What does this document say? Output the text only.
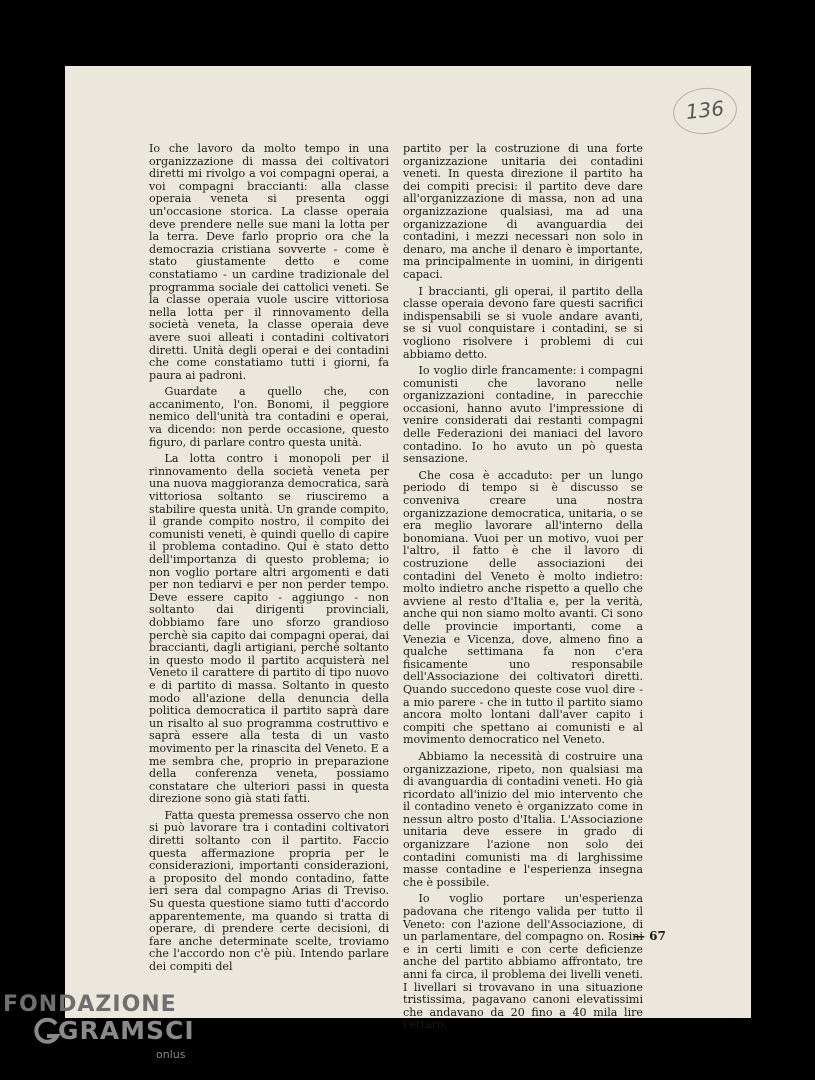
136

Io che lavoro da molto tempo in una organizzazione di massa dei coltivatori diretti mi rivolgo a voi compagni operai, a voi compagni braccianti: alla classe operaia veneta si presenta oggi un'occasione storica. La classe operaia deve prendere nelle sue mani la lotta per la terra. Deve farlo proprio ora che la democrazia cristiana sovverte - come è stato giustamente detto e come constatiamo - un cardine tradizionale del programma sociale dei cattolici veneti. Se la classe operaia vuole uscire vittoriosa nella lotta per il rinnovamento della società veneta, la classe operaia deve avere suoi alleati i contadini coltivatori diretti. Unità degli operai e dei contadini che come constatiamo tutti i giorni, fa paura ai padroni.

Guardate a quello che, con accanimento, l'on. Bonomi, il peggiore nemico dell'unità tra contadini e operai, va dicendo: non perde occasione, questo figuro, di parlare contro questa unità.

La lotta contro i monopoli per il rinnovamento della società veneta per una nuova maggioranza democratica, sarà vittoriosa soltanto se riusciremo a stabilire questa unità. Un grande compito, il grande compito nostro, il compito dei comunisti veneti, è quindi quello di capire il problema contadino. Qui è stato detto dell'importanza di questo problema; io non voglio portare altri argomenti e dati per non tediarvi e per non perder tempo. Deve essere capito - aggiungo - non soltanto dai dirigenti provinciali, dobbiamo fare uno sforzo grandioso perchè sia capito dai compagni operai, dai braccianti, dagli artigiani, perchè soltanto in questo modo il partito acquisterà nel Veneto il carattere di partito di tipo nuovo e di partito di massa. Soltanto in questo modo all'azione della denuncia della politica democratica il partito saprà dare un risalto al suo programma costruttivo e saprà essere alla testa di un vasto movimento per la rinascita del Veneto. E a me sembra che, proprio in preparazione della conferenza veneta, possiamo constatare che ulteriori passi in questa direzione sono già stati fatti.

Fatta questa premessa osservo che non si può lavorare tra i contadini coltivatori diretti soltanto con il partito. Faccio questa affermazione propria per le considerazioni, importanti considerazioni, a proposito del mondo contadino, fatte ieri sera dal compagno Arias di Treviso. Su questa questione siamo tutti d'accordo apparentemente, ma quando si tratta di operare, di prendere certe decisioni, di fare anche determinate scelte, troviamo che l'accordo non c'è più. Intendo parlare dei compiti del

partito per la costruzione di una forte organizzazione unitaria dei contadini veneti. In questa direzione il partito ha dei compiti precisi: il partito deve dare all'organizzazione di massa, non ad una organizzazione qualsiasi, ma ad una organizzazione di avanguardia dei contadini, i mezzi necessari non solo in denaro, ma anche il denaro è importante, ma principalmente in uomini, in dirigenti capaci.

I braccianti, gli operai, il partito della classe operaia devono fare questi sacrifici indispensabili se si vuole andare avanti, se si vuol conquistare i contadini, se si vogliono risolvere i problemi di cui abbiamo detto.

Io voglio dirle francamente: i compagni comunisti che lavorano nelle organizzazioni contadine, in parecchie occasioni, hanno avuto l'impressione di venire considerati dai restanti compagni delle Federazioni dei maniaci del lavoro contadino. Io ho avuto un pò questa sensazione.

Che cosa è accaduto: per un lungo periodo di tempo si è discusso se conveniva creare una nostra organizzazione democratica, unitaria, o se era meglio lavorare all'interno della bonomiana. Vuoi per un motivo, vuoi per l'altro, il fatto è che il lavoro di costruzione delle associazioni dei contadini del Veneto è molto indietro: molto indietro anche rispetto a quello che avviene al resto d'Italia e, per la verità, anche qui non siamo molto avanti. Ci sono delle provincie importanti, come a Venezia e Vicenza, dove, almeno fino a qualche settimana fa non c'era fisicamente uno responsabile dell'Associazione dei coltivatori diretti. Quando succedono queste cose vuol dire - a mio parere - che in tutto il partito siamo ancora molto lontani dall'aver capito i compiti che spettano ai comunisti e al movimento democratico nel Veneto.

Abbiamo la necessità di costruire una organizzazione, ripeto, non qualsiasi ma di avanguardia di contadini veneti. Ho già ricordato all'inizio del mio intervento che il contadino veneto è organizzato come in nessun altro posto d'Italia. L'Associazione unitaria deve essere in grado di organizzare l'azione non solo dei contadini comunisti ma di larghissime masse contadine e l'esperienza insegna che è possibile.

Io voglio portare un'esperienza padovana che ritengo valida per tutto il Veneto: con l'azione dell'Associazione, di un parlamentare, del compagno on. Rosini e in certi limiti e con certe deficienze anche del partito abbiamo affrontato, tre anni fa circa, il problema dei livelli veneti. I livellari si trovavano in una situazione tristissima, pagavano canoni elevatissimi che andavano da 20 fino a 40 mila lire l'ettaro,

— 67
FONDAZIONE
GRAMSCI
onlus
